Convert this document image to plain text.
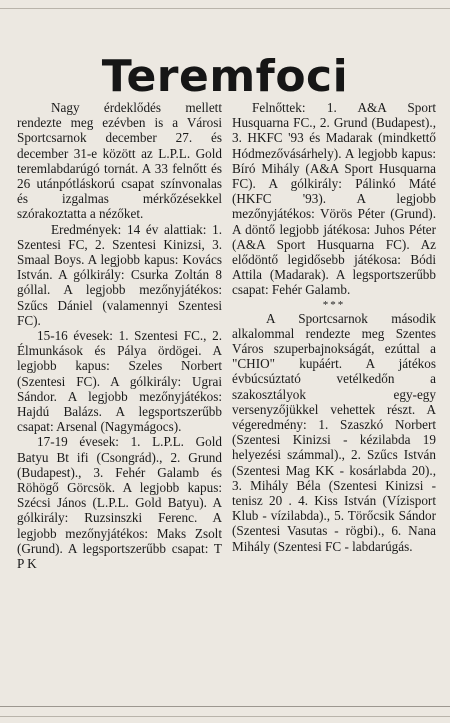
Teremfoci

Nagy érdeklődés mellett rendezte meg ezévben is a Városi Sportcsarnok december 27. és december 31-e között az L.P.L. Gold teremlabdarúgó tornát. A 33 felnőtt és 26 utánpótláskorú csapat színvonalas és izgalmas mérkőzésekkel szórakoztatta a nézőket.

Eredmények: 14 év alattiak: 1. Szentesi FC, 2. Szentesi Kinizsi, 3. Smaal Boys. A legjobb kapus: Kovács István. A gólkirály: Csurka Zoltán 8 góllal. A legjobb mezőnyjátékos: Szűcs Dániel (valamennyi Szentesi FC).

15-16 évesek: 1. Szentesi FC., 2. Élmunkások és Pálya ördögei. A legjobb kapus: Szeles Norbert (Szentesi FC). A gólkirály: Ugrai Sándor. A legjobb mezőnyjátékos: Hajdú Balázs. A legsportszerűbb csapat: Arsenal (Nagymágocs).

17-19 évesek: 1. L.P.L. Gold Batyu Bt ifi (Csongrád)., 2. Grund (Budapest)., 3. Fehér Galamb és Röhögő Görcsök. A legjobb kapus: Szécsi János (L.P.L. Gold Batyu). A gólkirály: Ruzsinszki Ferenc. A legjobb mezőnyjátékos: Maks Zsolt (Grund). A legsportszerűbb csapat: T P K

Felnőttek: 1. A&A Sport Husquarna FC., 2. Grund (Budapest)., 3. HKFC '93 és Madarak (mindkettő Hódmezővásárhely). A legjobb kapus: Bíró Mihály (A&A Sport Husquarna FC). A gólkirály: Pálinkó Máté (HKFC '93). A legjobb mezőnyjátékos: Vörös Péter (Grund). A döntő legjobb játékosa: Juhos Péter (A&A Sport Husquarna FC). Az elődöntő legidősebb játékosa: Bódi Attila (Madarak). A legsportszerűbb csapat: Fehér Galamb.

***

A Sportcsarnok második alkalommal rendezte meg Szentes Város szuperbajnokságát, ezúttal a "CHIO" kupáért. A játékos évbúcsúztató vetélkedőn a szakosztályok egy-egy versenyzőjükkel vehettek részt. A végeredmény: 1. Szaszkó Norbert (Szentesi Kinizsi - kézilabda 19 helyezési számmal)., 2. Szűcs István (Szentesi Mag KK - kosárlabda 20)., 3. Mihály Béla (Szentesi Kinizsi - tenisz 20 . 4. Kiss István (Vízisport Klub - vízilabda)., 5. Törőcsik Sándor (Szentesi Vasutas - rögbi)., 6. Nana Mihály (Szentesi FC - labdarúgás.
